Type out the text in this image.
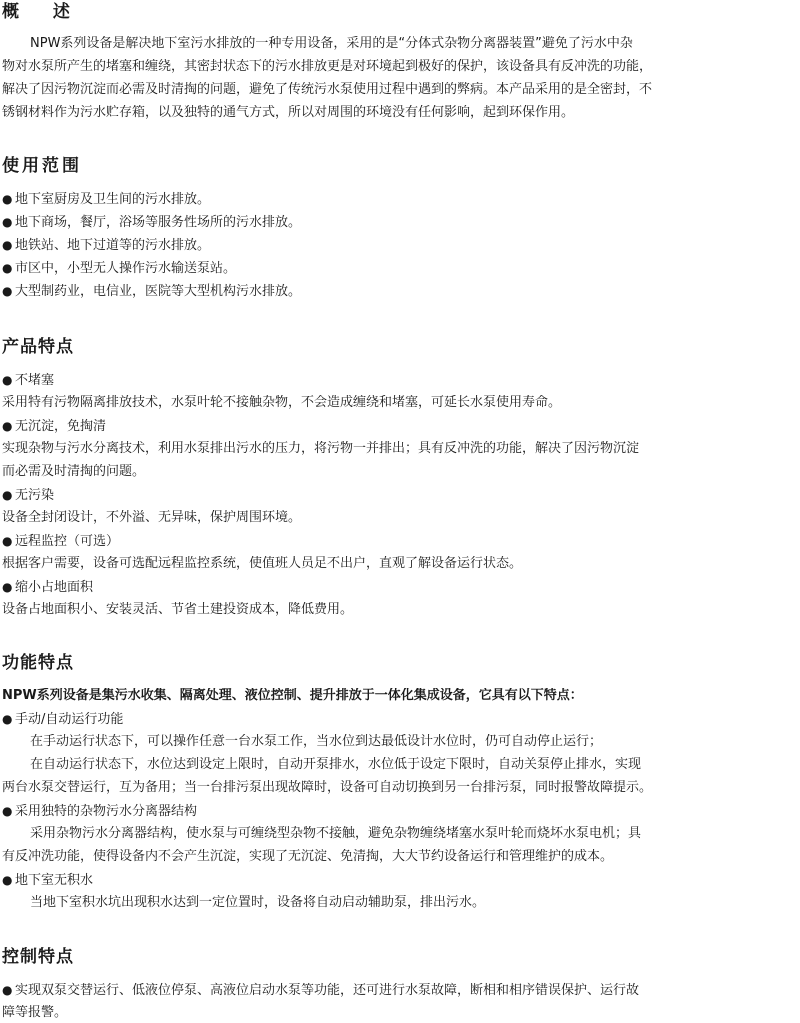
概 述
NPW系列设备是解决地下室污水排放的一种专用设备，采用的是“分体式杂物分离器装置”避免了污水中杂
物对水泵所产生的堵塞和缠绕，其密封状态下的污水排放更是对环境起到极好的保护，该设备具有反冲洗的功能，
解决了因污物沉淀而必需及时清掏的问题，避免了传统污水泵使用过程中遇到的弊病。本产品采用的是全密封，不
锈钢材料作为污水贮存箱，以及独特的通气方式，所以对周围的环境没有任何影响，起到环保作用。
使用范围
● 地下室厨房及卫生间的污水排放。
● 地下商场，餐厅，浴场等服务性场所的污水排放。
● 地铁站、地下过道等的污水排放。
● 市区中，小型无人操作污水输送泵站。
● 大型制药业，电信业，医院等大型机构污水排放。
产品特点
● 不堵塞
采用特有污物隔离排放技术，水泵叶轮不接触杂物，不会造成缠绕和堵塞，可延长水泵使用寿命。
● 无沉淀，免掏清
实现杂物与污水分离技术，利用水泵排出污水的压力，将污物一并排出；具有反冲洗的功能，解决了因污物沉淀
而必需及时清掏的问题。
● 无污染
设备全封闭设计，不外溢、无异味，保护周围环境。
● 远程监控（可选）
根据客户需要，设备可选配远程监控系统，使值班人员足不出户，直观了解设备运行状态。
● 缩小占地面积
设备占地面积小、安装灵活、节省土建投资成本，降低费用。
功能特点
NPW系列设备是集污水收集、隔离处理、液位控制、提升排放于一体化集成设备，它具有以下特点：
● 手动/自动运行功能
在手动运行状态下，可以操作任意一台水泵工作，当水位到达最低设计水位时，仍可自动停止运行；
在自动运行状态下，水位达到设定上限时，自动开泵排水，水位低于设定下限时，自动关泵停止排水，实现
两台水泵交替运行，互为备用；当一台排污泵出现故障时，设备可自动切换到另一台排污泵，同时报警故障提示。
● 采用独特的杂物污水分离器结构
采用杂物污水分离器结构，使水泵与可缠绕型杂物不接触，避免杂物缠绕堵塞水泵叶轮而烧坏水泵电机；具
有反冲洗功能，使得设备内不会产生沉淀，实现了无沉淀、免清掏，大大节约设备运行和管理维护的成本。
● 地下室无积水
当地下室积水坑出现积水达到一定位置时，设备将自动启动辅助泵，排出污水。
控制特点
● 实现双泵交替运行、低液位停泵、高液位启动水泵等功能，还可进行水泵故障，断相和相序错误保护、运行故
障等报警。
